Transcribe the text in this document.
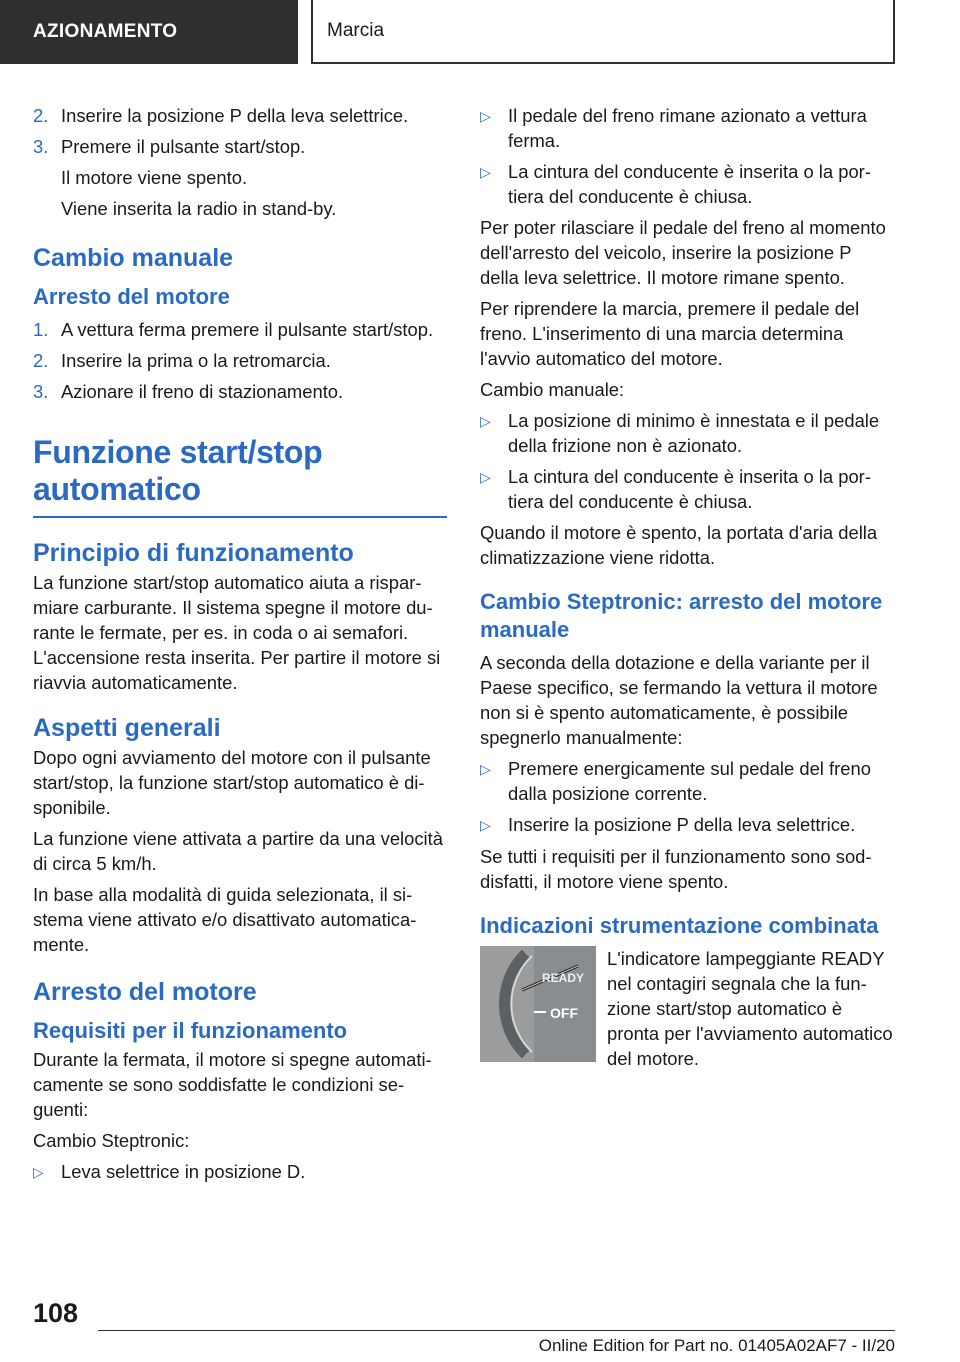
AZIONAMENTO	Marcia
2. Inserire la posizione P della leva selettrice.
3. Premere il pulsante start/stop.
Il motore viene spento.
Viene inserita la radio in stand-by.
Cambio manuale
Arresto del motore
1. A vettura ferma premere il pulsante start/stop.
2. Inserire la prima o la retromarcia.
3. Azionare il freno di stazionamento.
Funzione start/stop
automatico
Principio di funzionamento

La funzione start/stop automatico aiuta a risparmiare carburante. Il sistema spegne il motore durante le fermate, per es. in coda o ai semafori. L'accensione resta inserita. Per partire il motore si riavvia automaticamente.

Aspetti generali

Dopo ogni avviamento del motore con il pulsante start/stop, la funzione start/stop automatico è disponibile.

La funzione viene attivata a partire da una velocità di circa 5 km/h.

In base alla modalità di guida selezionata, il sistema viene attivato e/o disattivato automaticamente.

Arresto del motore
Requisiti per il funzionamento

Durante la fermata, il motore si spegne automaticamente se sono soddisfatte le condizioni seguenti:

Cambio Steptronic:

▷ Leva selettrice in posizione D.
▷ Il pedale del freno rimane azionato a vettura ferma.
▷ La cintura del conducente è inserita o la portiera del conducente è chiusa.

Per poter rilasciare il pedale del freno al momento dell'arresto del veicolo, inserire la posizione P della leva selettrice. Il motore rimane spento.

Per riprendere la marcia, premere il pedale del freno. L'inserimento di una marcia determina l'avvio automatico del motore.

Cambio manuale:

▷ La posizione di minimo è innestata e il pedale della frizione non è azionato.
▷ La cintura del conducente è inserita o la portiera del conducente è chiusa.

Quando il motore è spento, la portata d'aria della climatizzazione viene ridotta.

Cambio Steptronic: arresto del motore manuale

A seconda della dotazione e della variante per il Paese specifico, se fermando la vettura il motore non si è spento automaticamente, è possibile spegnerlo manualmente:

▷ Premere energicamente sul pedale del freno dalla posizione corrente.
▷ Inserire la posizione P della leva selettrice.

Se tutti i requisiti per il funzionamento sono soddisfatti, il motore viene spento.

Indicazioni strumentazione combinata
READY
OFF
L'indicatore lampeggiante READY nel contagiri segnala che la funzione start/stop automatico è pronta per l'avviamento automatico del motore.
108
Online Edition for Part no. 01405A02AF7 - II/20
